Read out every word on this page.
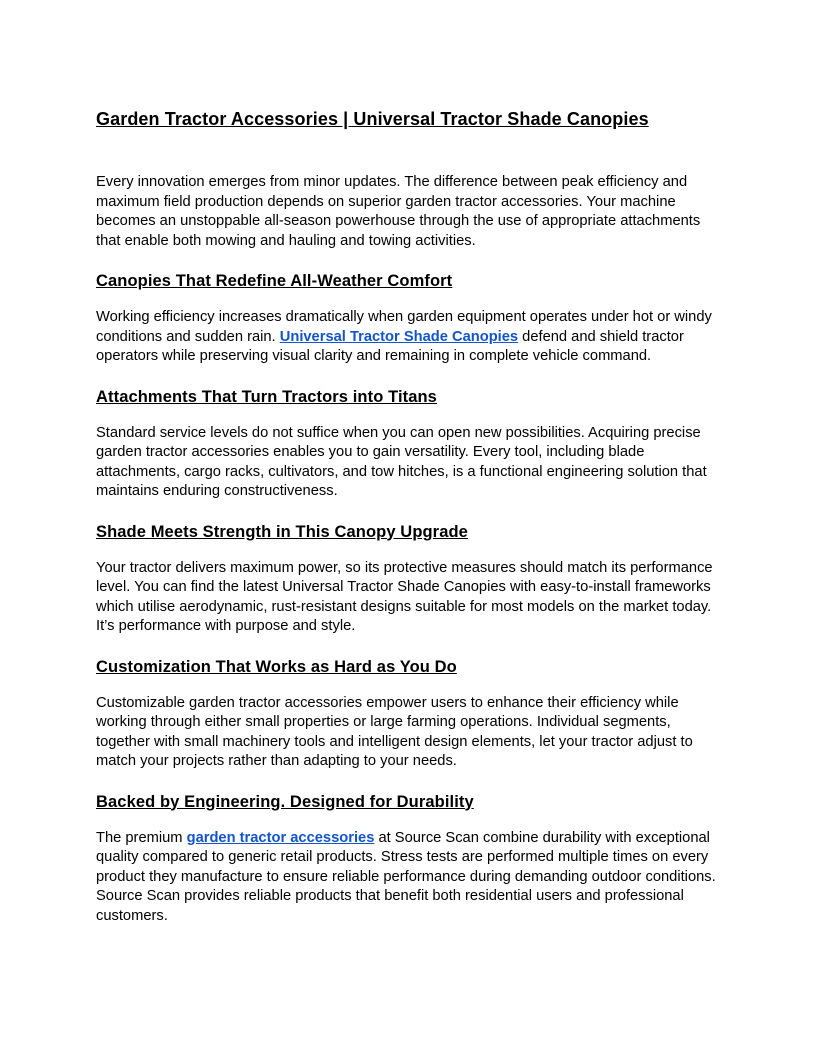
Garden Tractor Accessories | Universal Tractor Shade Canopies

Every innovation emerges from minor updates. The difference between peak efficiency and maximum field production depends on superior garden tractor accessories. Your machine becomes an unstoppable all-season powerhouse through the use of appropriate attachments that enable both mowing and hauling and towing activities.

Canopies That Redefine All-Weather Comfort

Working efficiency increases dramatically when garden equipment operates under hot or windy conditions and sudden rain. Universal Tractor Shade Canopies defend and shield tractor operators while preserving visual clarity and remaining in complete vehicle command.

Attachments That Turn Tractors into Titans

Standard service levels do not suffice when you can open new possibilities. Acquiring precise garden tractor accessories enables you to gain versatility. Every tool, including blade attachments, cargo racks, cultivators, and tow hitches, is a functional engineering solution that maintains enduring constructiveness.

Shade Meets Strength in This Canopy Upgrade

Your tractor delivers maximum power, so its protective measures should match its performance level. You can find the latest Universal Tractor Shade Canopies with easy-to-install frameworks which utilise aerodynamic, rust-resistant designs suitable for most models on the market today. It’s performance with purpose and style.

Customization That Works as Hard as You Do

Customizable garden tractor accessories empower users to enhance their efficiency while working through either small properties or large farming operations. Individual segments, together with small machinery tools and intelligent design elements, let your tractor adjust to match your projects rather than adapting to your needs.

Backed by Engineering. Designed for Durability

The premium garden tractor accessories at Source Scan combine durability with exceptional quality compared to generic retail products. Stress tests are performed multiple times on every product they manufacture to ensure reliable performance during demanding outdoor conditions. Source Scan provides reliable products that benefit both residential users and professional customers.
